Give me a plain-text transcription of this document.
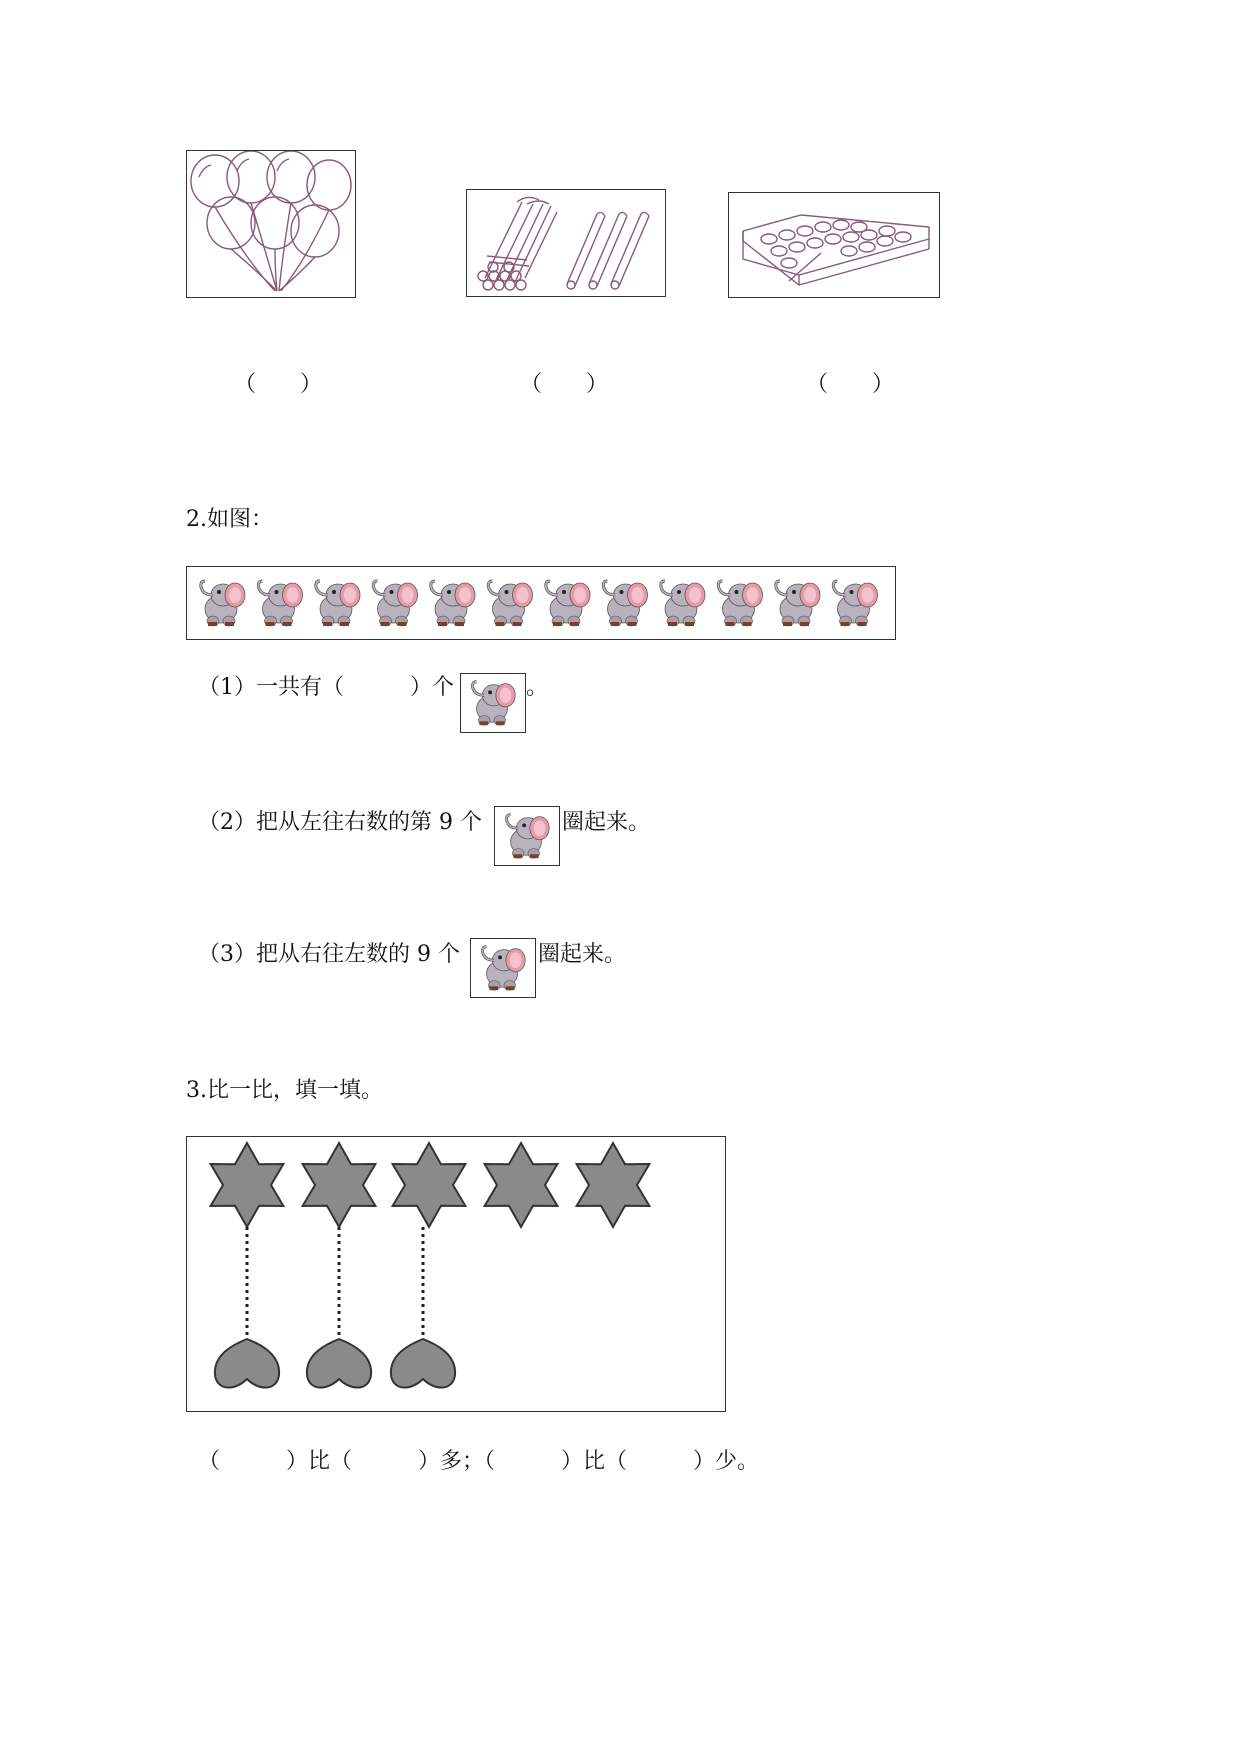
（　　）	（　　）	（　　）
2.如图：
（1）一共有（　　　）个	。
（2）把从左往右数的第 9 个	圈起来。
（3）把从右往左数的 9 个	圈起来。
3.比一比，填一填。
（　　　）比（　　　）多；（　　　）比（　　　）少。
